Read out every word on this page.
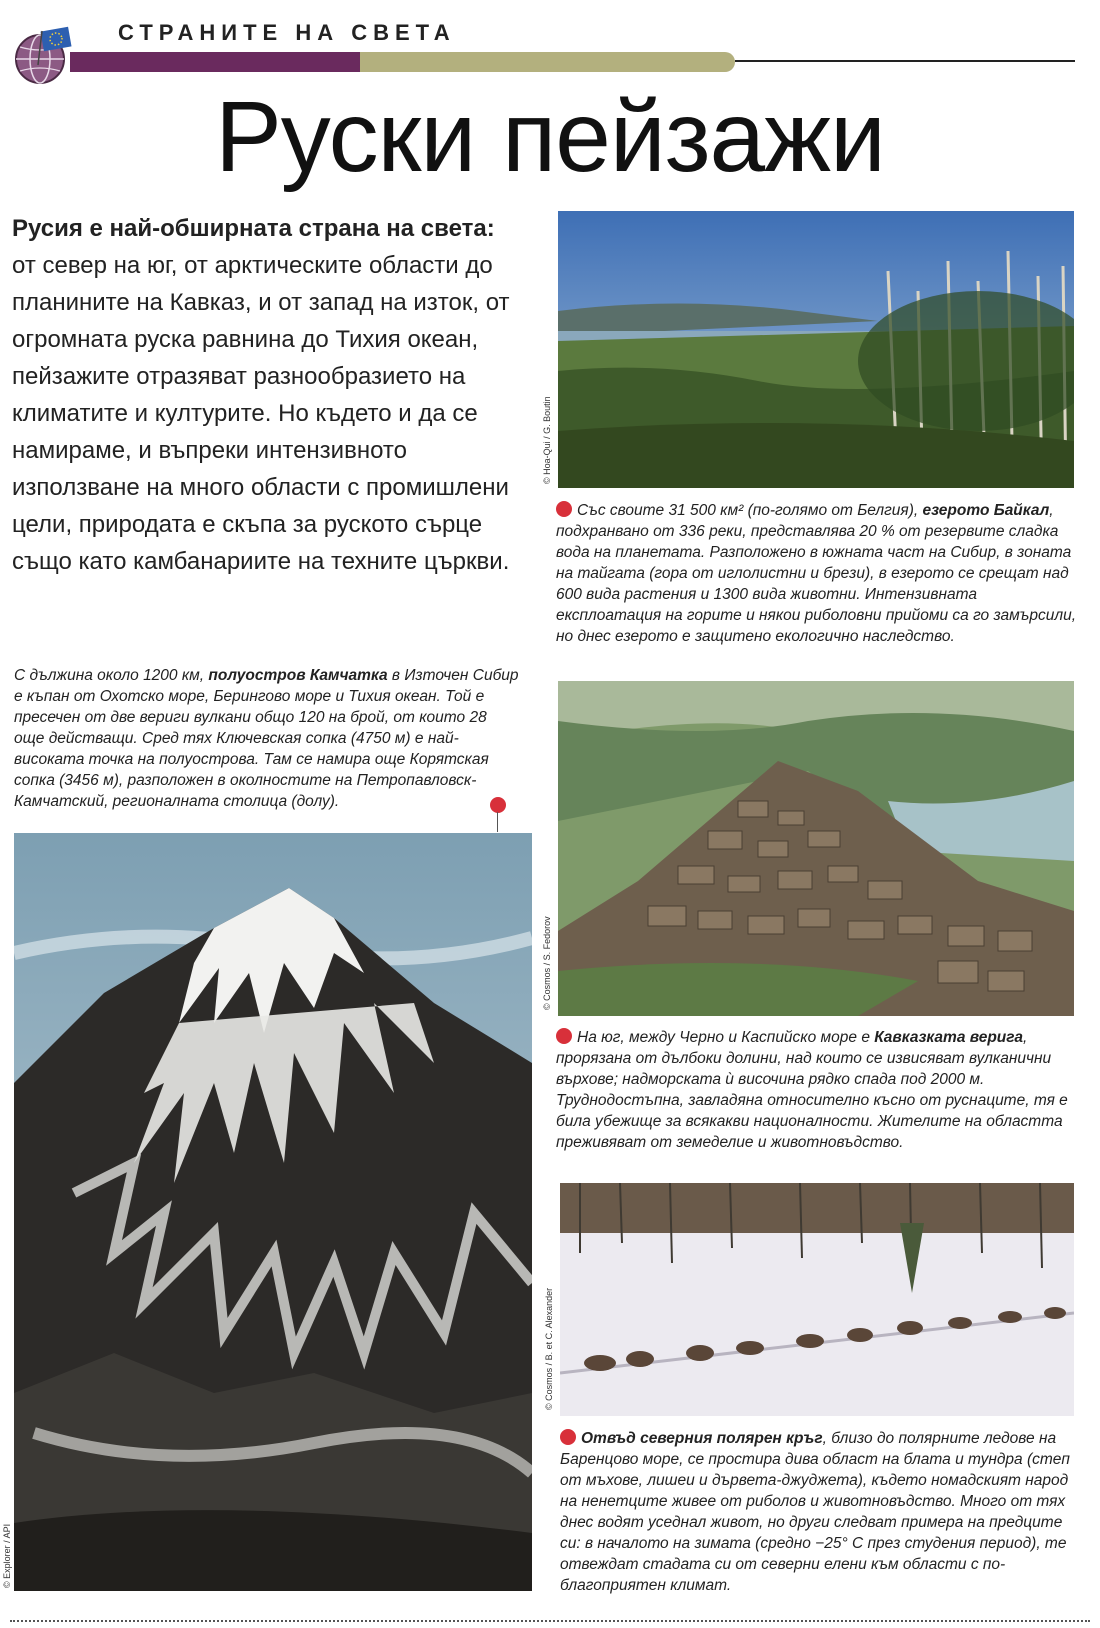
СТРАНИТЕ НА СВЕТА
Руски пейзажи
Русия е най-обширната страна на света: от север на юг, от арктическите области до планините на Кавказ, и от запад на изток, от огромната руска равнина до Тихия океан, пейзажите отразяват разнообразието на климатите и културите. Но където и да се намираме, и въпреки интензивното използване на много области с промишлени цели, природата е скъпа за руското сърце също като камбанариите на техните църкви.
С дължина около 1200 км, полуостров Камчатка в Източен Сибир е къпан от Охотско море, Берингово море и Тихия океан. Той е пресечен от две вериги вулкани общо 120 на брой, от които 28 още действащи. Сред тях Ключевская сопка (4750 м) е най-високата точка на полуострова. Там се намира още Корятская сопка (3456 м), разположен в околностите на Петропавловск-Камчатский, регионалната столица (долу).
© Explorer / API
© Hoa-Qui / G. Boutin
Със своите 31 500 км² (по-голямо от Белгия), езерото Байкал, подхранвано от 336 реки, представлява 20 % от резервите сладка вода на планетата. Разположено в южната част на Сибир, в зоната на тайгата (гора от иглолистни и брези), в езерото се срещат над 600 вида растения и 1300 вида животни. Интензивната експлоатация на горите и някои риболовни прийоми са го замърсили, но днес езерото е защитено екологично наследство.
© Cosmos / S. Fedorov
На юг, между Черно и Каспийско море е Кавказката верига, прорязана от дълбоки долини, над които се извисяват вулканични върхове; надморската ѝ височина рядко спада под 2000 м. Труднодостъпна, завладяна относително късно от руснаците, тя е била убежище за всякакви националности. Жителите на областта преживяват от земеделие и животновъдство.
© Cosmos / B. et C. Alexander
Отвъд северния полярен кръг, близо до полярните ледове на Баренцово море, се простира дива област на блата и тундра (степ от мъхове, лишеи и дървета-джуджета), където номадският народ на ненетците живее от риболов и животновъдство. Много от тях днес водят уседнал живот, но други следват примера на предците си: в началото на зимата (средно −25° С през студения период), те отвеждат стадата си от северни елени към области с по-благоприятен климат.
